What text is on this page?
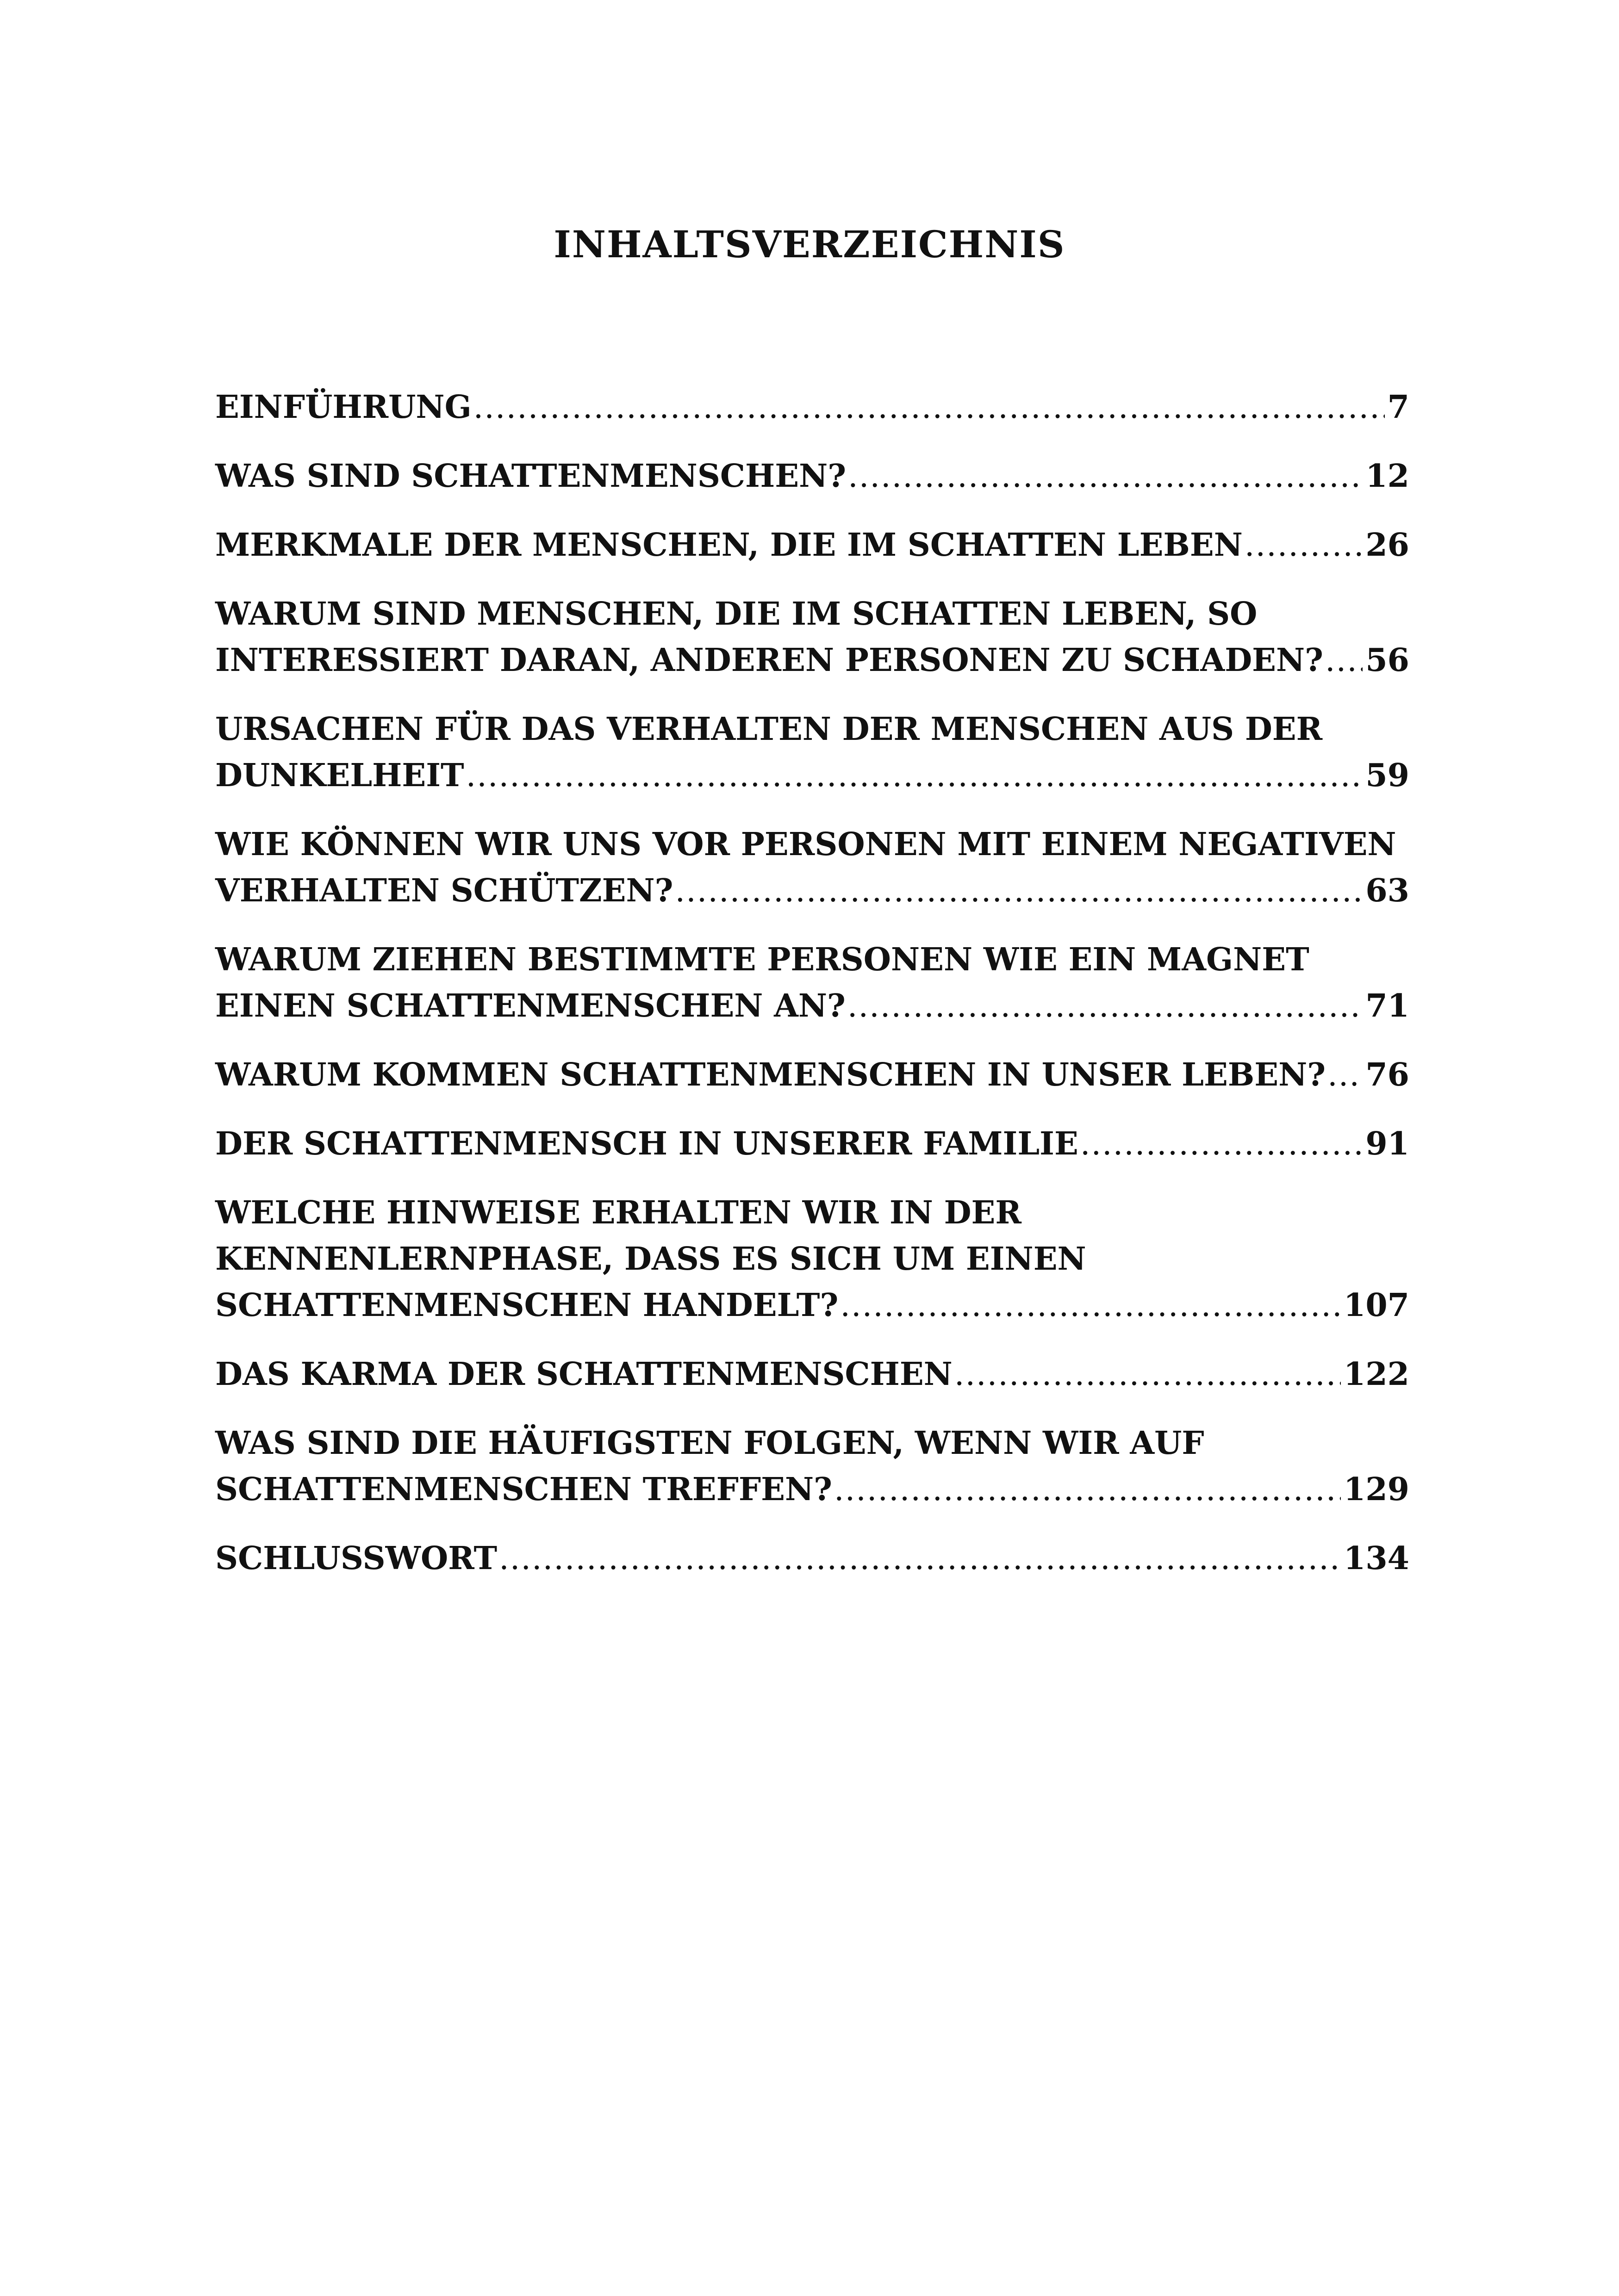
INHALTSVERZEICHNIS
EINFÜHRUNG .....	7
WAS SIND SCHATTENMENSCHEN? .....	12
MERKMALE DER MENSCHEN, DIE IM SCHATTEN LEBEN .....	26
WARUM SIND MENSCHEN, DIE IM SCHATTEN LEBEN, SO
INTERESSIERT DARAN, ANDEREN PERSONEN ZU SCHADEN? ..... 56
URSACHEN FÜR DAS VERHALTEN DER MENSCHEN AUS DER
DUNKELHEIT .....	59
WIE KÖNNEN WIR UNS VOR PERSONEN MIT EINEM NEGATIVEN
VERHALTEN SCHÜTZEN? .....	63
WARUM ZIEHEN BESTIMMTE PERSONEN WIE EIN MAGNET
EINEN SCHATTENMENSCHEN AN? .....	71
WARUM KOMMEN SCHATTENMENSCHEN IN UNSER LEBEN? ..... 76
DER SCHATTENMENSCH IN UNSERER FAMILIE .....	91
WELCHE HINWEISE ERHALTEN WIR IN DER
KENNENLERNPHASE, DASS ES SICH UM EINEN
SCHATTENMENSCHEN HANDELT? .....	107
DAS KARMA DER SCHATTENMENSCHEN .....	122
WAS SIND DIE HÄUFIGSTEN FOLGEN, WENN WIR AUF
SCHATTENMENSCHEN TREFFEN? .....	129
SCHLUSSWORT .....	134
